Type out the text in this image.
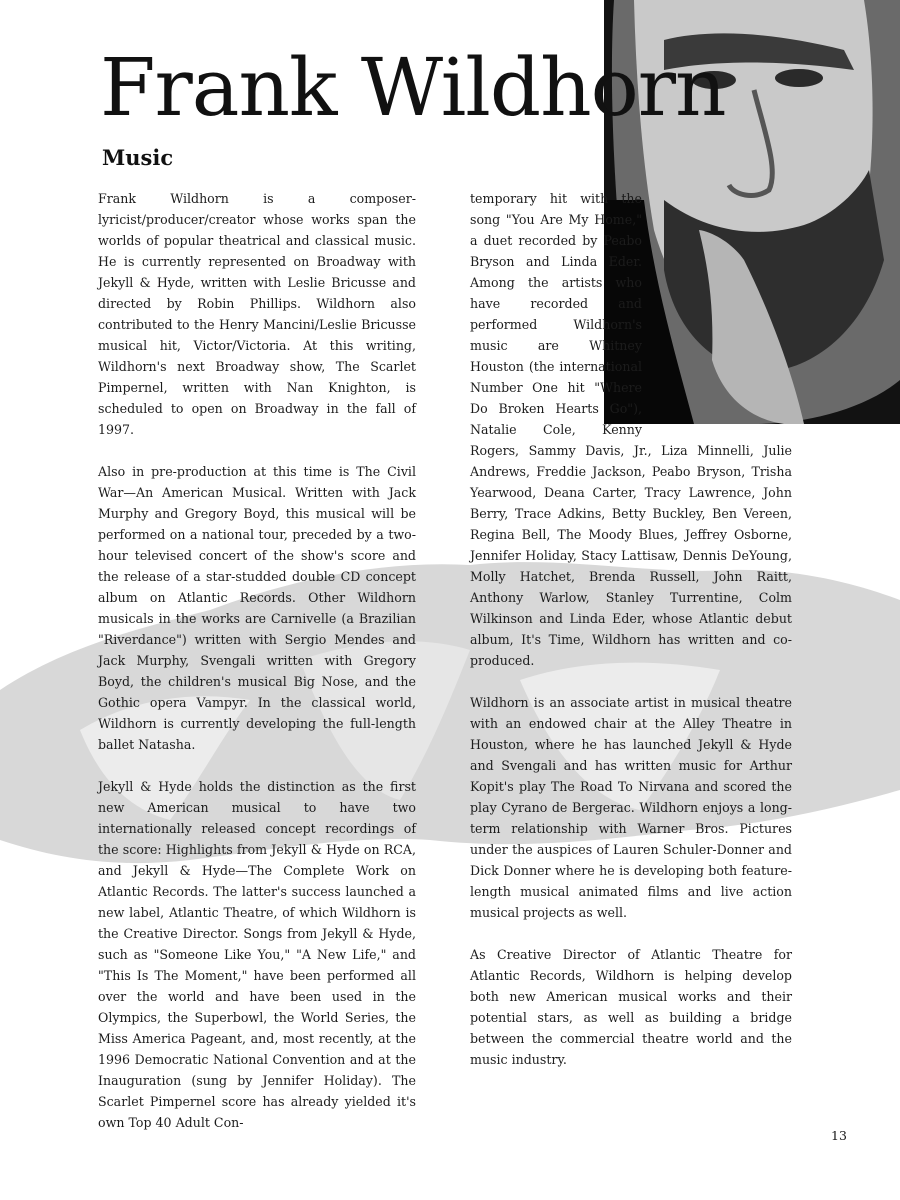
Frank Wildhorn
Music

Frank Wildhorn is a composer-lyricist/producer/creator whose works span the worlds of popular theatrical and classical music. He is currently represented on Broadway with Jekyll & Hyde, written with Leslie Bricusse and directed by Robin Phillips. Wildhorn also contributed to the Henry Mancini/Leslie Bricusse musical hit, Victor/Victoria. At this writing, Wildhorn's next Broadway show, The Scarlet Pimpernel, written with Nan Knighton, is scheduled to open on Broadway in the fall of 1997.

Also in pre-production at this time is The Civil War—An American Musical. Written with Jack Murphy and Gregory Boyd, this musical will be performed on a national tour, preceded by a two-hour televised concert of the show's score and the release of a star-studded double CD concept album on Atlantic Records. Other Wildhorn musicals in the works are Carnivelle (a Brazilian "Riverdance") written with Sergio Mendes and Jack Murphy, Svengali written with Gregory Boyd, the children's musical Big Nose, and the Gothic opera Vampyr. In the classical world, Wildhorn is currently developing the full-length ballet Natasha.

Jekyll & Hyde holds the distinction as the first new American musical to have two internationally released concept recordings of the score: Highlights from Jekyll & Hyde on RCA, and Jekyll & Hyde—The Complete Work on Atlantic Records. The latter's success launched a new label, Atlantic Theatre, of which Wildhorn is the Creative Director. Songs from Jekyll & Hyde, such as "Someone Like You," "A New Life," and "This Is The Moment," have been performed all over the world and have been used in the Olympics, the Superbowl, the World Series, the Miss America Pageant, and, most recently, at the 1996 Democratic National Convention and at the Inauguration (sung by Jennifer Holiday). The Scarlet Pimpernel score has already yielded it's own Top 40 Adult Con-

temporary hit with the song "You Are My Home," a duet recorded by Peabo Bryson and Linda Eder. Among the artists who have recorded and performed Wildhorn's music are Whitney Houston (the international Number One hit "Where Do Broken Hearts Go"), Natalie Cole, Kenny Rogers, Sammy Davis, Jr., Liza Minnelli, Julie Andrews, Freddie Jackson, Peabo Bryson, Trisha Yearwood, Deana Carter, Tracy Lawrence, John Berry, Trace Adkins, Betty Buckley, Ben Vereen, Regina Bell, The Moody Blues, Jeffrey Osborne, Jennifer Holiday, Stacy Lattisaw, Dennis DeYoung, Molly Hatchet, Brenda Russell, John Raitt, Anthony Warlow, Stanley Turrentine, Colm Wilkinson and Linda Eder, whose Atlantic debut album, It's Time, Wildhorn has written and co-produced.

Wildhorn is an associate artist in musical theatre with an endowed chair at the Alley Theatre in Houston, where he has launched Jekyll & Hyde and Svengali and has written music for Arthur Kopit's play The Road To Nirvana and scored the play Cyrano de Bergerac. Wildhorn enjoys a long-term relationship with Warner Bros. Pictures under the auspices of Lauren Schuler-Donner and Dick Donner where he is developing both feature-length musical animated films and live action musical projects as well.

As Creative Director of Atlantic Theatre for Atlantic Records, Wildhorn is helping develop both new American musical works and their potential stars, as well as building a bridge between the commercial theatre world and the music industry.

13
